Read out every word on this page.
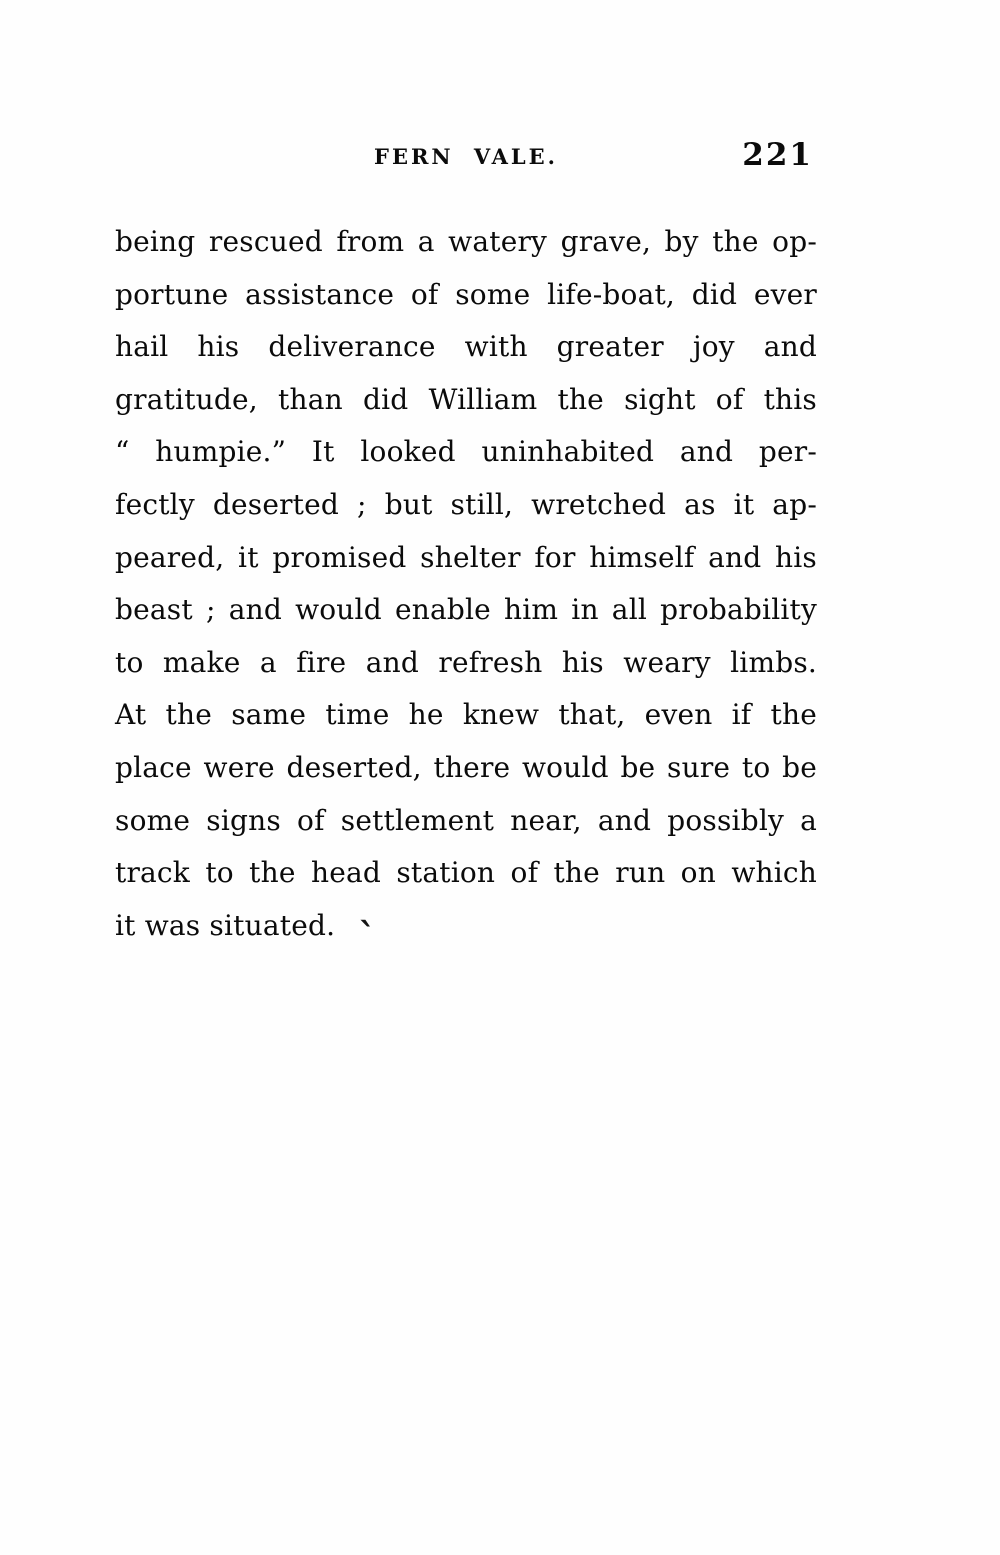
FERN VALE.	221
being rescued from a watery grave, by the op-
portune assistance of some life-boat, did ever
hail his deliverance with greater joy and
gratitude, than did William the sight of this
“ humpie.” It looked uninhabited and per-
fectly deserted ; but still, wretched as it ap-
peared, it promised shelter for himself and his
beast ; and would enable him in all probability
to make a fire and refresh his weary limbs.
At the same time he knew that, even if the
place were deserted, there would be sure to be
some signs of settlement near, and possibly a
track to the head station of the run on which
it was situated. `
